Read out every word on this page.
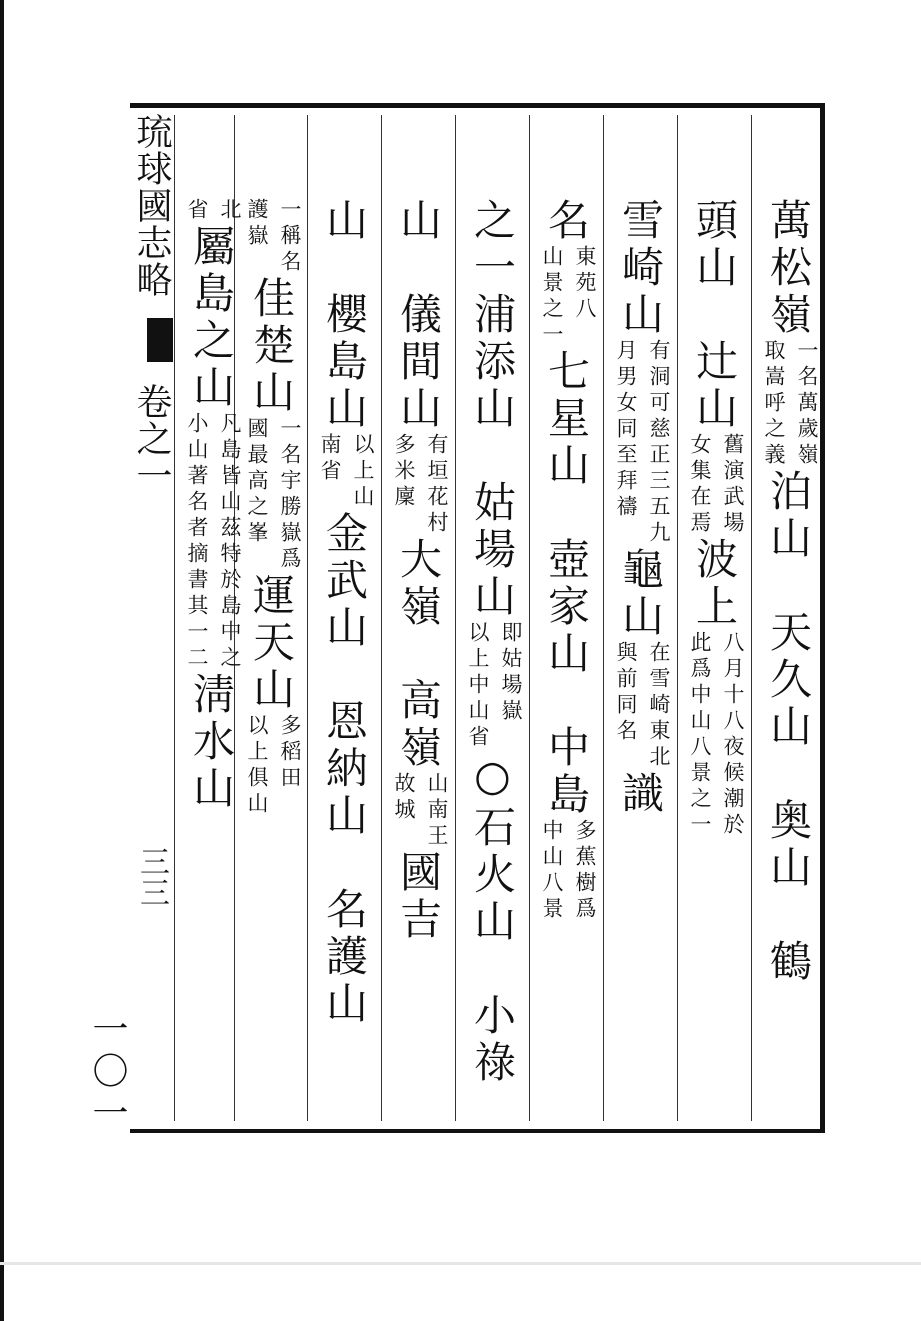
琉球國志略  卷之一 三三
萬松嶺一名萬歲嶺
取嵩呼之義泊山　天久山　奥山　鶴
頭山　辻山舊演武場
女集在焉波上八月十八夜候潮於
此爲中山八景之一
雪崎山有洞可慈正三五九
月男女同至拜禱龜山在雪崎東北
與前同名識
名東苑八
山景之一七星山　壺家山　中島多蕉樹爲
中山八景
之一浦添山　姑場山即姑場嶽
以上中山省○石火山　小祿
山　儀間山有垣花村
多米廩大嶺　高嶺山南王
故城國吉
山　櫻島山以上山
南省金武山　恩納山　名護山
一稱名
護嶽佳楚山一名宇勝嶽爲
國最高之峯運天山多稻田
以上俱山
北
省屬島之山凡島皆山茲特於島中之
小山著名者摘書其一二淸水山
一〇一
